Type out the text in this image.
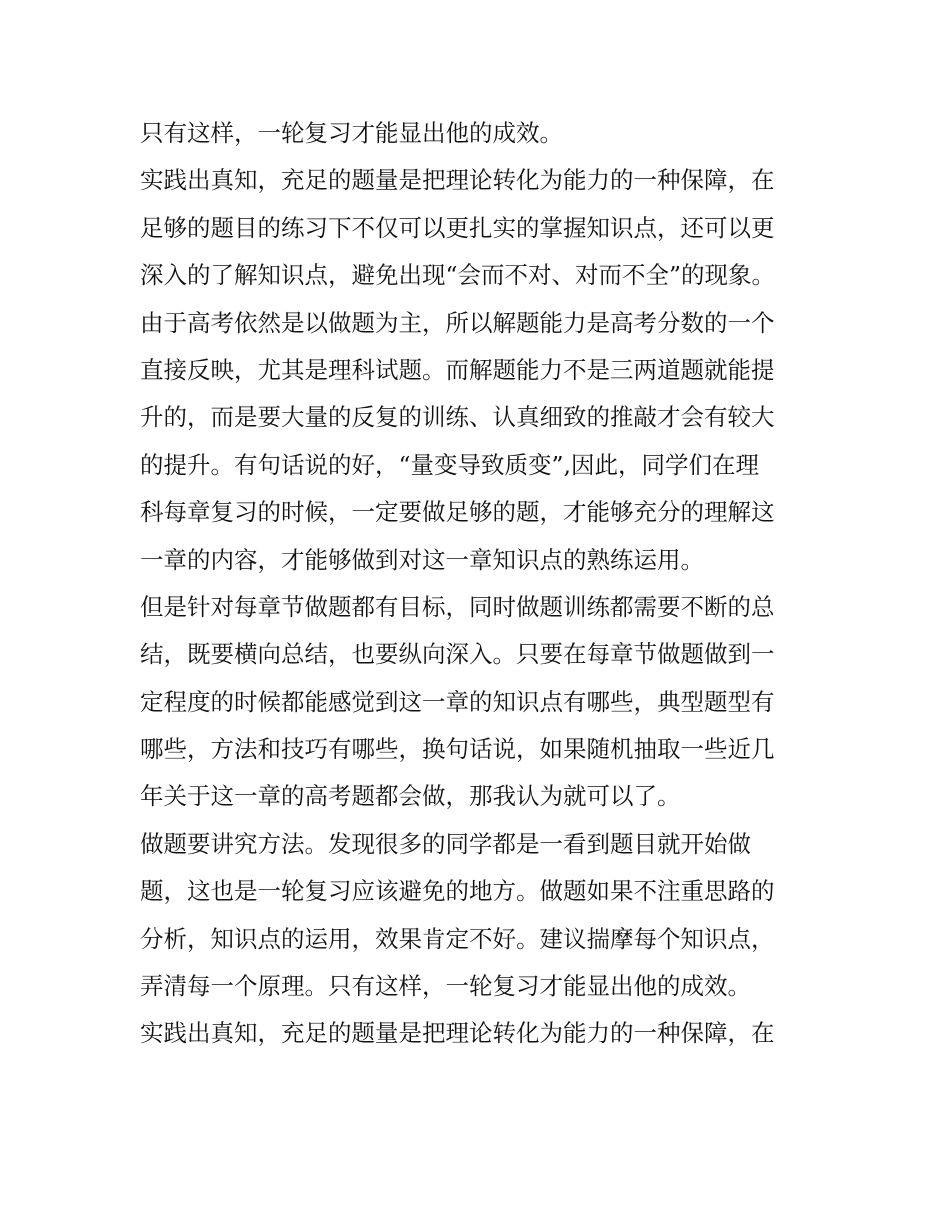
只有这样，一轮复习才能显出他的成效。
实践出真知，充足的题量是把理论转化为能力的一种保障，在
足够的题目的练习下不仅可以更扎实的掌握知识点，还可以更
深入的了解知识点，避免出现“会而不对、对而不全”的现象。
由于高考依然是以做题为主，所以解题能力是高考分数的一个
直接反映，尤其是理科试题。而解题能力不是三两道题就能提
升的，而是要大量的反复的训练、认真细致的推敲才会有较大
的提升。有句话说的好，“量变导致质变”,因此，同学们在理
科每章复习的时候，一定要做足够的题，才能够充分的理解这
一章的内容，才能够做到对这一章知识点的熟练运用。
但是针对每章节做题都有目标，同时做题训练都需要不断的总
结，既要横向总结，也要纵向深入。只要在每章节做题做到一
定程度的时候都能感觉到这一章的知识点有哪些，典型题型有
哪些，方法和技巧有哪些，换句话说，如果随机抽取一些近几
年关于这一章的高考题都会做，那我认为就可以了。
做题要讲究方法。发现很多的同学都是一看到题目就开始做
题，这也是一轮复习应该避免的地方。做题如果不注重思路的
分析，知识点的运用，效果肯定不好。建议揣摩每个知识点，
弄清每一个原理。只有这样，一轮复习才能显出他的成效。
实践出真知，充足的题量是把理论转化为能力的一种保障，在
